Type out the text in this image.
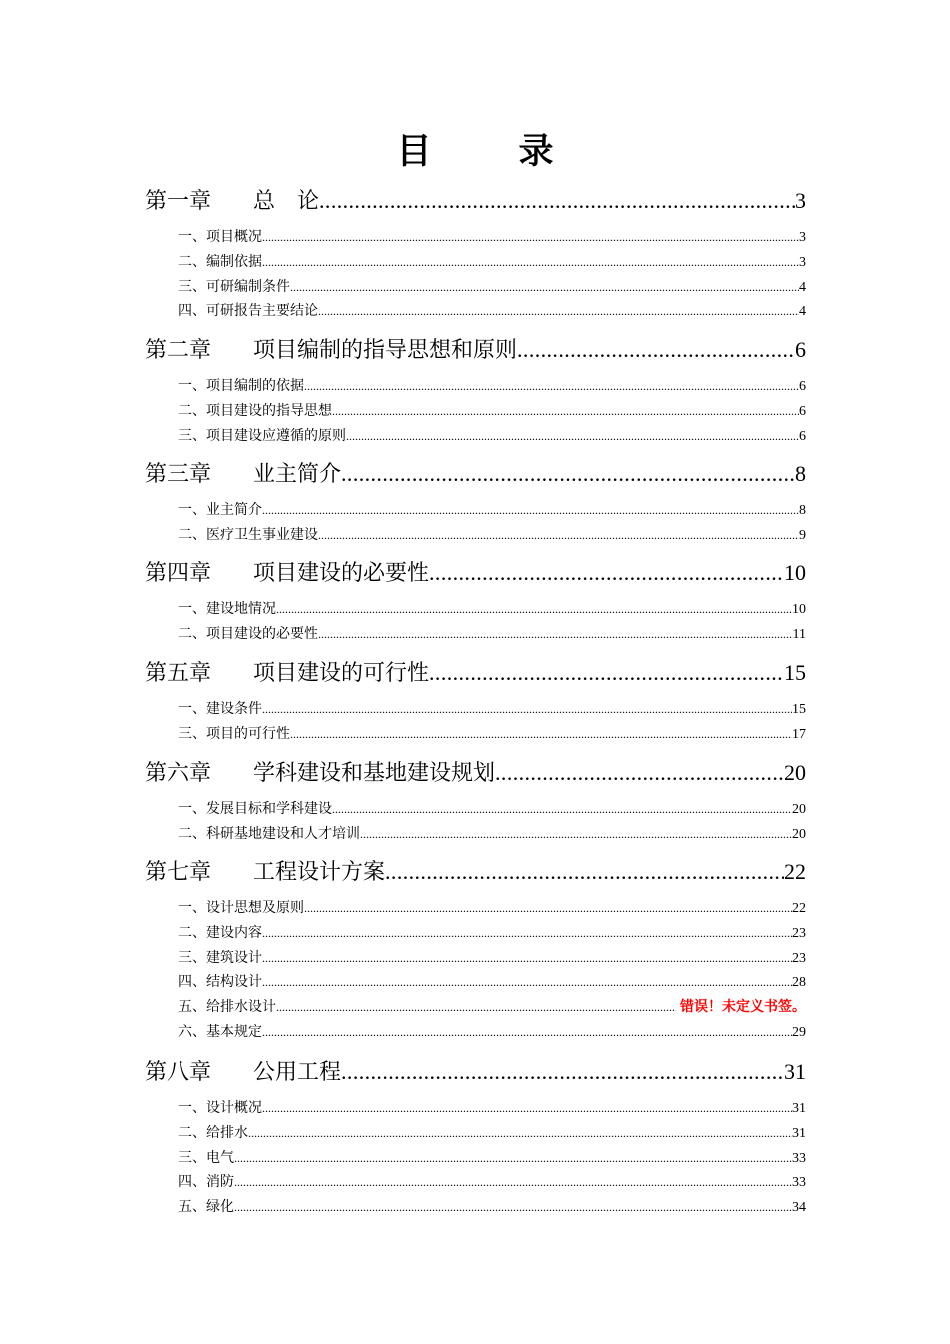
目　录
第一章	总　论 .....	3
一、项目概况 .....	3
二、编制依据 .....	3
三、可研编制条件 .....	4
四、可研报告主要结论 .....	4
第二章	项目编制的指导思想和原则 .....	6
一、项目编制的依据 .....	6
二、项目建设的指导思想 .....	6
三、项目建设应遵循的原则 .....	6
第三章	业主简介 .....	8
一、业主简介 .....	8
二、医疗卫生事业建设 .....	9
第四章	项目建设的必要性 .....	10
一、建设地情况 .....	10
二、项目建设的必要性 .....	11
第五章	项目建设的可行性 .....	15
一、建设条件 .....	15
三、项目的可行性 .....	17
第六章	学科建设和基地建设规划 .....	20
一、发展目标和学科建设 .....	20
二、科研基地建设和人才培训 .....	20
第七章	工程设计方案 .....	22
一、设计思想及原则 .....	22
二、建设内容 .....	23
三、建筑设计 .....	23
四、结构设计 .....	28
五、给排水设计 .....	错误！未定义书签。
六、基本规定 .....	29
第八章	公用工程 .....	31
一、设计概况 .....	31
二、给排水 .....	31
三、电气 .....	33
四、消防 .....	33
五、绿化 .....	34
